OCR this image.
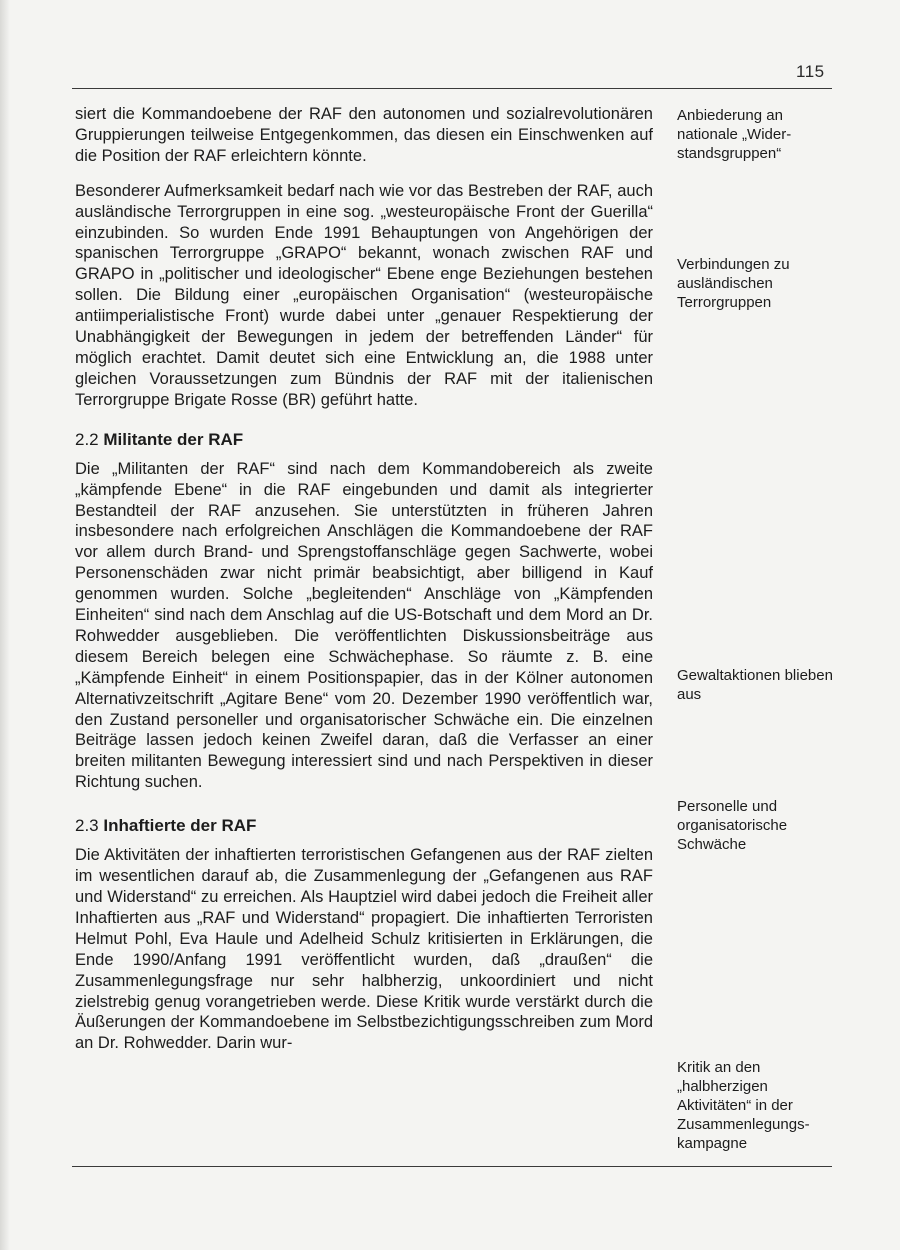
115

siert die Kommandoebene der RAF den autonomen und sozialrevolutionären Gruppierungen teilweise Entgegenkommen, das diesen ein Einschwenken auf die Position der RAF erleichtern könnte.

Besonderer Aufmerksamkeit bedarf nach wie vor das Bestreben der RAF, auch ausländische Terrorgruppen in eine sog. „westeuropäische Front der Guerilla“ einzubinden. So wurden Ende 1991 Behauptungen von Angehörigen der spanischen Terrorgruppe „GRAPO“ bekannt, wonach zwischen RAF und GRAPO in „politischer und ideologischer“ Ebene enge Beziehungen bestehen sollen. Die Bildung einer „europäischen Organisation“ (westeuropäische antiimperialistische Front) wurde dabei unter „genauer Respektierung der Unabhängigkeit der Bewegungen in jedem der betreffenden Länder“ für möglich erachtet. Damit deutet sich eine Entwicklung an, die 1988 unter gleichen Voraussetzungen zum Bündnis der RAF mit der italienischen Terrorgruppe Brigate Rosse (BR) geführt hatte.

2.2 Militante der RAF

Die „Militanten der RAF“ sind nach dem Kommandobereich als zweite „kämpfende Ebene“ in die RAF eingebunden und damit als integrierter Bestandteil der RAF anzusehen. Sie unterstützten in früheren Jahren insbesondere nach erfolgreichen Anschlägen die Kommandoebene der RAF vor allem durch Brand- und Sprengstoffanschläge gegen Sachwerte, wobei Personenschäden zwar nicht primär beabsichtigt, aber billigend in Kauf genommen wurden. Solche „begleitenden“ Anschläge von „Kämpfenden Einheiten“ sind nach dem Anschlag auf die US-Botschaft und dem Mord an Dr. Rohwedder ausgeblieben. Die veröffentlichten Diskussionsbeiträge aus diesem Bereich belegen eine Schwächephase. So räumte z. B. eine „Kämpfende Einheit“ in einem Positionspapier, das in der Kölner autonomen Alternativzeitschrift „Agitare Bene“ vom 20. Dezember 1990 veröffentlich war, den Zustand personeller und organisatorischer Schwäche ein. Die einzelnen Beiträge lassen jedoch keinen Zweifel daran, daß die Verfasser an einer breiten militanten Bewegung interessiert sind und nach Perspektiven in dieser Richtung suchen.

2.3 Inhaftierte der RAF

Die Aktivitäten der inhaftierten terroristischen Gefangenen aus der RAF zielten im wesentlichen darauf ab, die Zusammenlegung der „Gefangenen aus RAF und Widerstand“ zu erreichen. Als Hauptziel wird dabei jedoch die Freiheit aller Inhaftierten aus „RAF und Widerstand“ propagiert. Die inhaftierten Terroristen Helmut Pohl, Eva Haule und Adelheid Schulz kritisierten in Erklärungen, die Ende 1990/Anfang 1991 veröffentlicht wurden, daß „draußen“ die Zusammenlegungsfrage nur sehr halbherzig, unkoordiniert und nicht zielstrebig genug vorangetrieben werde. Diese Kritik wurde verstärkt durch die Äußerungen der Kommandoebene im Selbstbezichtigungsschreiben zum Mord an Dr. Rohwedder. Darin wur-

Anbiederung an nationale „Widerstandsgruppen“
Verbindungen zu ausländischen Terrorgruppen
Gewaltaktionen blieben aus
Personelle und organisatorische Schwäche
Kritik an den „halbherzigen Aktivitäten“ in der Zusammenlegungskampagne
